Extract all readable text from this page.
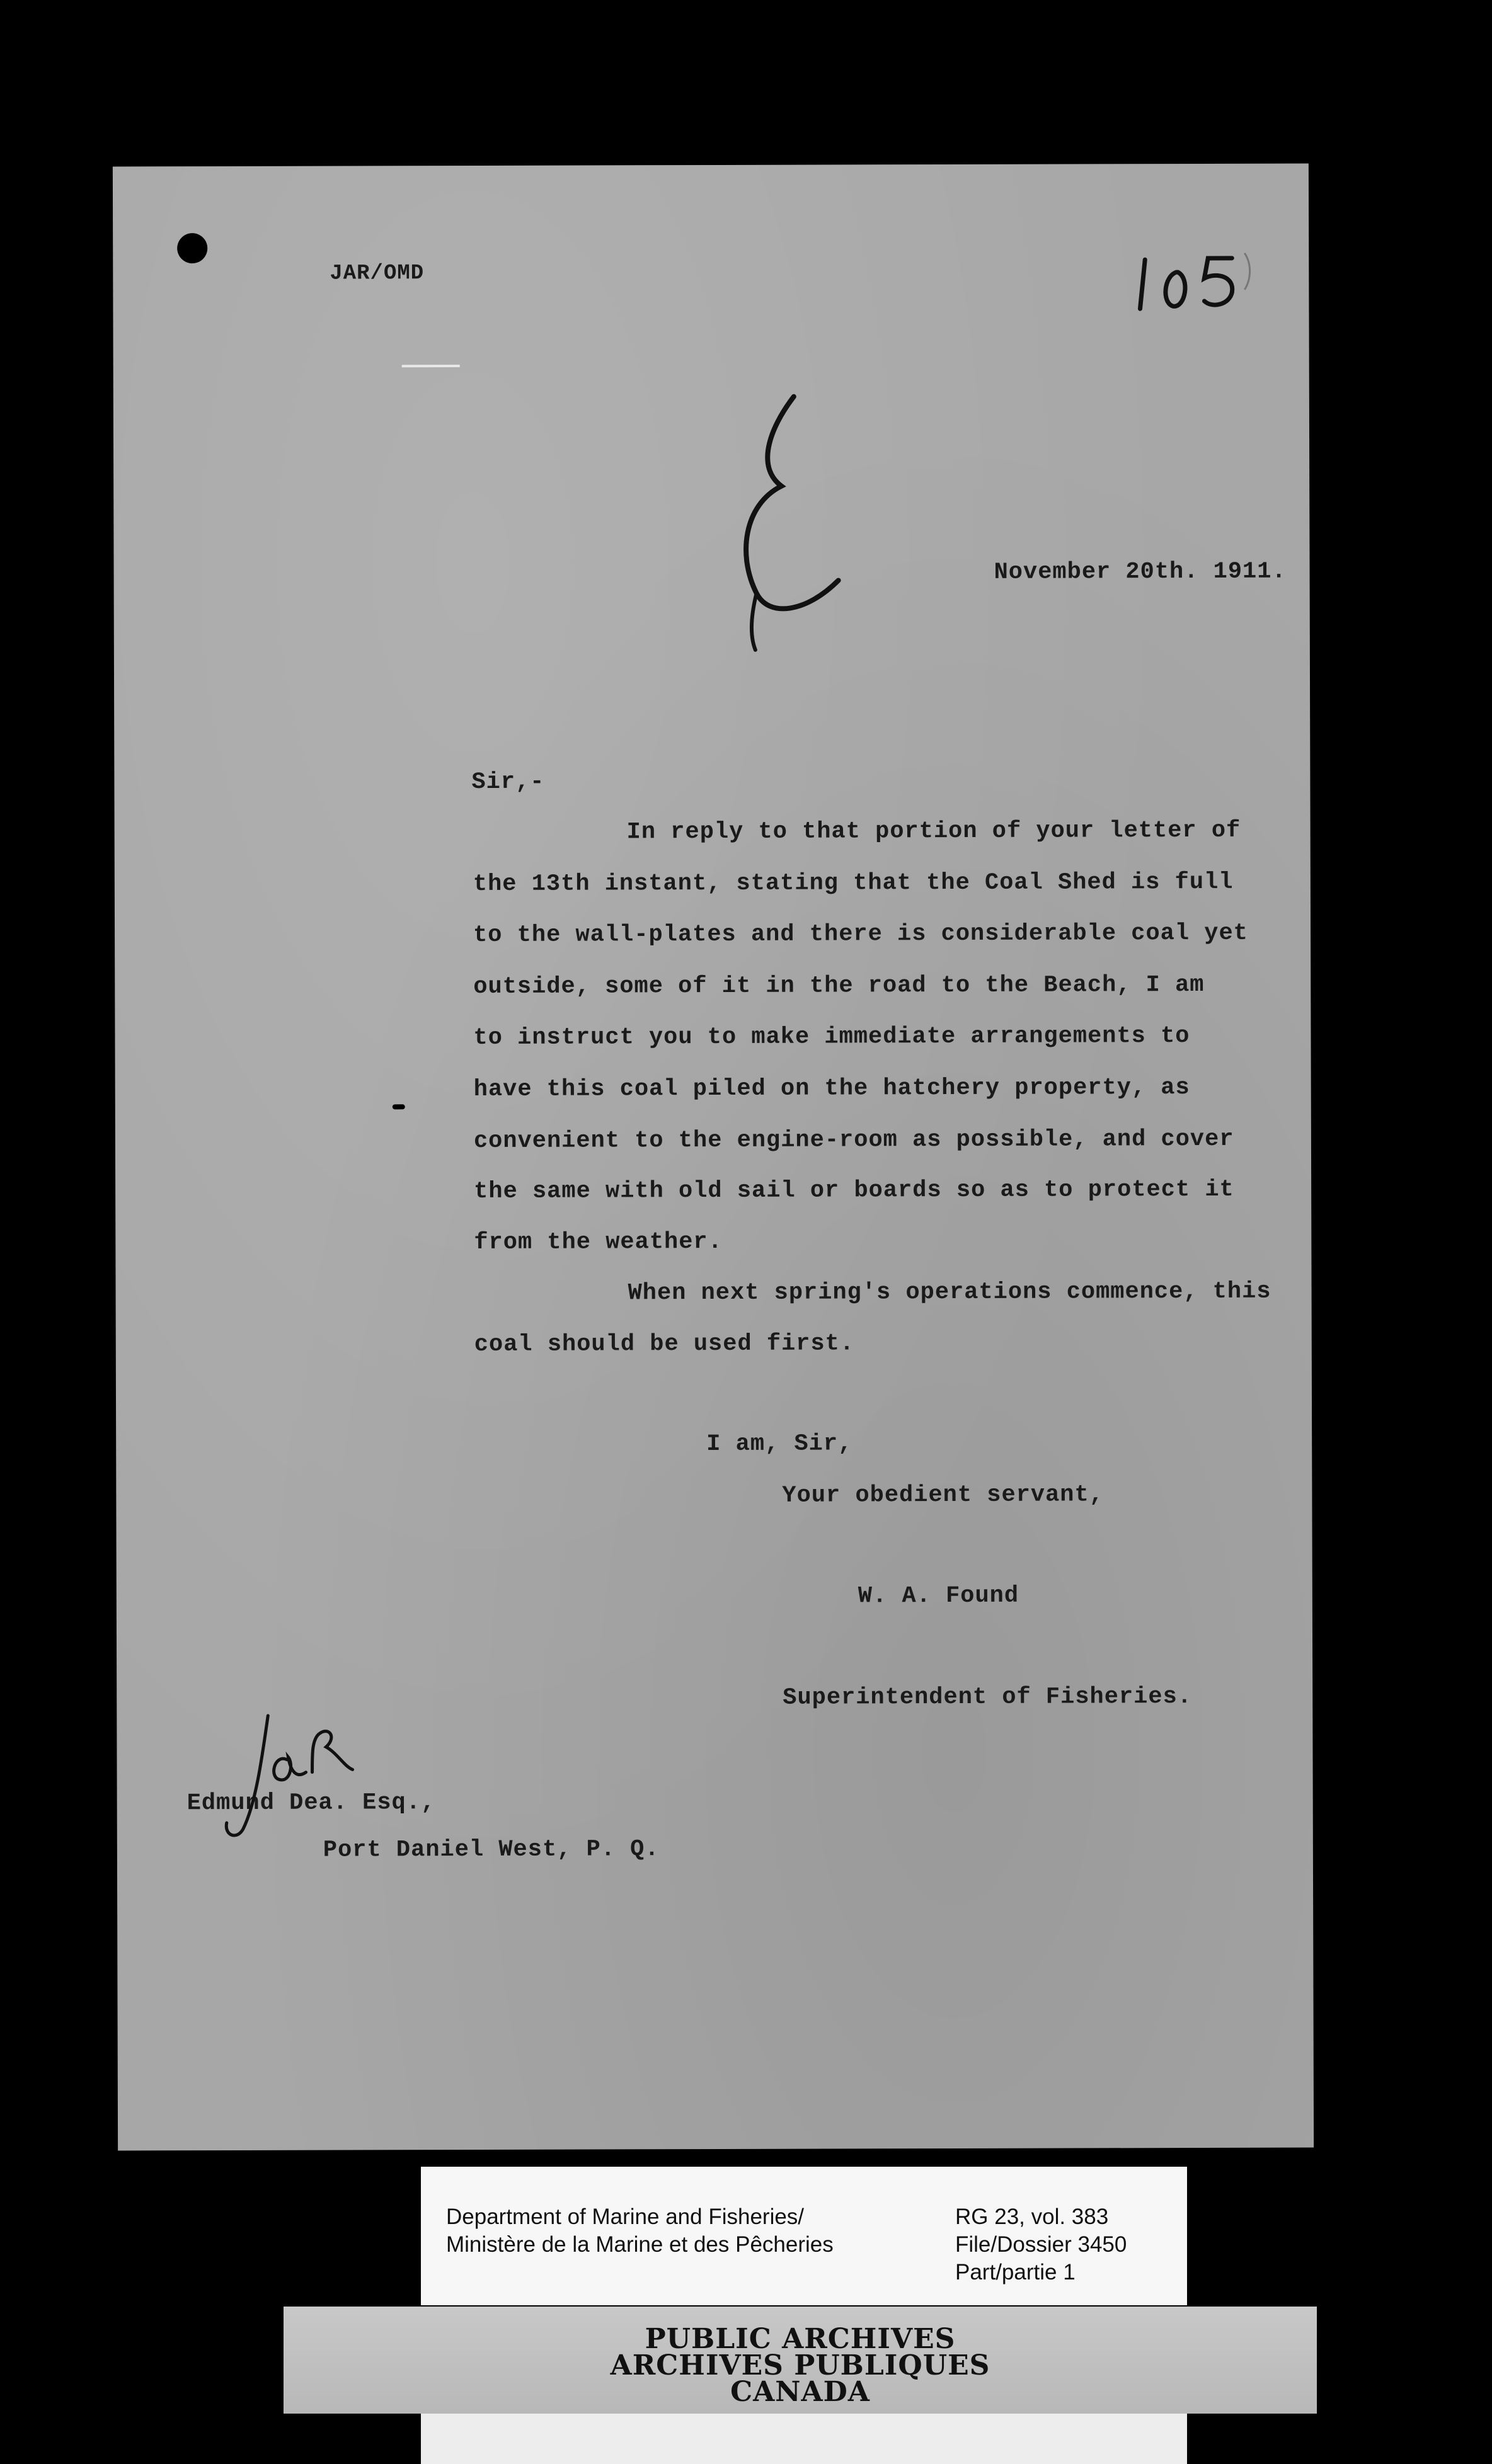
JAR/OMD
November 20th. 1911.
Sir,-
In reply to that portion of your letter of
the 13th instant, stating that the Coal Shed is full
to the wall-plates and there is considerable coal yet
outside, some of it in the road to the Beach, I am
to instruct you to make immediate arrangements to
have this coal piled on the hatchery property, as
convenient to the engine-room as possible, and cover
the same with old sail or boards so as to protect it
from the weather.
When next spring's operations commence, this
coal should be used first.
I am, Sir,
Your obedient servant,
W. A. Found
Superintendent of Fisheries.
Edmund Dea. Esq.,
Port Daniel West, P. Q.
Department of Marine and Fisheries/
Ministère de la Marine et des Pêcheries
RG 23, vol. 383
File/Dossier 3450
Part/partie 1
PUBLIC ARCHIVES
ARCHIVES PUBLIQUES
CANADA
